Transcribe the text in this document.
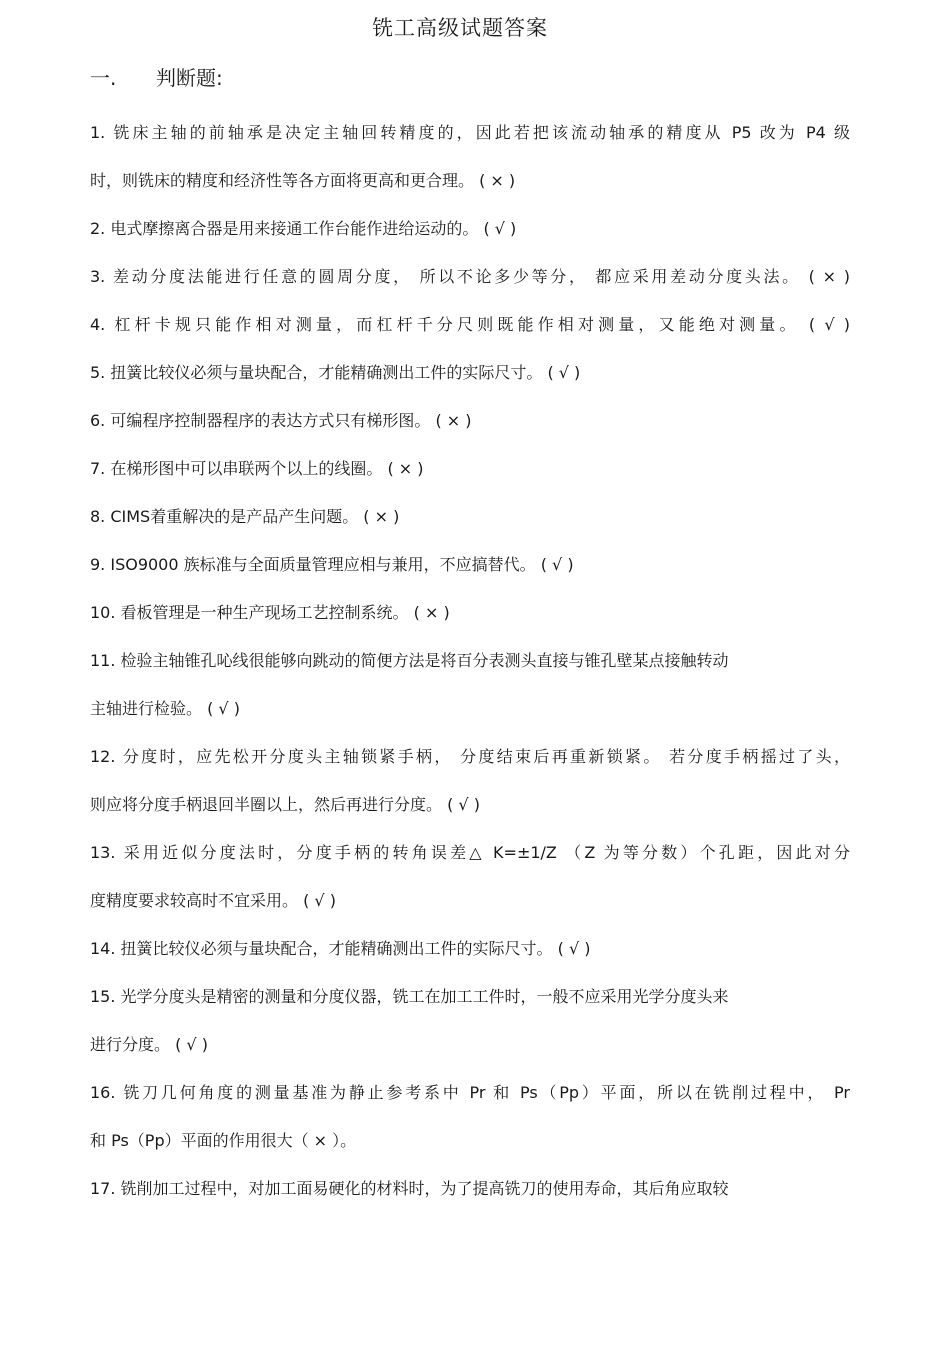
铣工高级试题答案
一. 判断题:
1. 铣床主轴的前轴承是决定主轴回转精度的，因此若把该流动轴承的精度从 P5 改为 P4 级
时，则铣床的精度和经济性等各方面将更高和更合理。 ( × )
2. 电式摩擦离合器是用来接通工作台能作进给运动的。 ( √ )
3. 差动分度法能进行任意的圆周分度， 所以不论多少等分， 都应采用差动分度头法。 ( × )
4. 杠杆卡规只能作相对测量，而杠杆千分尺则既能作相对测量，又能绝对测量。 ( √ )
5. 扭簧比较仪必须与量块配合，才能精确测出工件的实际尺寸。 ( √ )
6. 可编程序控制器程序的表达方式只有梯形图。 ( × )
7. 在梯形图中可以串联两个以上的线圈。 ( × )
8. CIMS着重解决的是产品产生问题。 ( × )
9. ISO9000 族标准与全面质量管理应相与兼用，不应搞替代。 ( √ )
10. 看板管理是一种生产现场工艺控制系统。 ( × )
11. 检验主轴锥孔吣线很能够向跳动的简便方法是将百分表测头直接与锥孔壁某点接触转动
主轴进行检验。 ( √ )
12. 分度时，应先松开分度头主轴锁紧手柄， 分度结束后再重新锁紧。 若分度手柄摇过了头，
则应将分度手柄退回半圈以上，然后再进行分度。 ( √ )
13. 采用近似分度法时，分度手柄的转角误差△ K=±1/Z （Z 为等分数）个孔距，因此对分
度精度要求较高时不宜采用。 ( √ )
14. 扭簧比较仪必须与量块配合，才能精确测出工件的实际尺寸。 ( √ )
15. 光学分度头是精密的测量和分度仪器，铣工在加工工件时，一般不应采用光学分度头来
进行分度。 ( √ )
16. 铣刀几何角度的测量基准为静止参考系中 Pr 和 Ps（Pp）平面，所以在铣削过程中， Pr
和 Ps（Pp）平面的作用很大（ × ）。
17. 铣削加工过程中，对加工面易硬化的材料时，为了提高铣刀的使用寿命，其后角应取较
